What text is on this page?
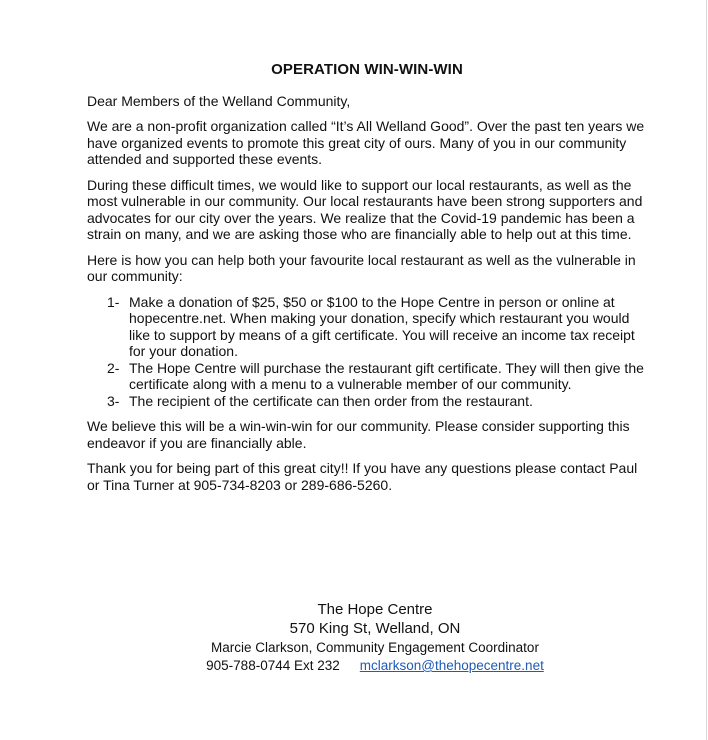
OPERATION WIN-WIN-WIN

Dear Members of the Welland Community,

We are a non-profit organization called “It’s All Welland Good”. Over the past ten years we have organized events to promote this great city of ours. Many of you in our community attended and supported these events.

During these difficult times, we would like to support our local restaurants, as well as the most vulnerable in our community. Our local restaurants have been strong supporters and advocates for our city over the years. We realize that the Covid-19 pandemic has been a strain on many, and we are asking those who are financially able to help out at this time.

Here is how you can help both your favourite local restaurant as well as the vulnerable in our community:

1- Make a donation of $25, $50 or $100 to the Hope Centre in person or online at hopecentre.net. When making your donation, specify which restaurant you would like to support by means of a gift certificate. You will receive an income tax receipt for your donation.
2- The Hope Centre will purchase the restaurant gift certificate. They will then give the certificate along with a menu to a vulnerable member of our community.
3- The recipient of the certificate can then order from the restaurant.

We believe this will be a win-win-win for our community. Please consider supporting this endeavor if you are financially able.

Thank you for being part of this great city!! If you have any questions please contact Paul or Tina Turner at 905-734-8203 or 289-686-5260.

The Hope Centre
570 King St, Welland, ON
Marcie Clarkson, Community Engagement Coordinator
905-788-0744 Ext 232 mclarkson@thehopecentre.net
